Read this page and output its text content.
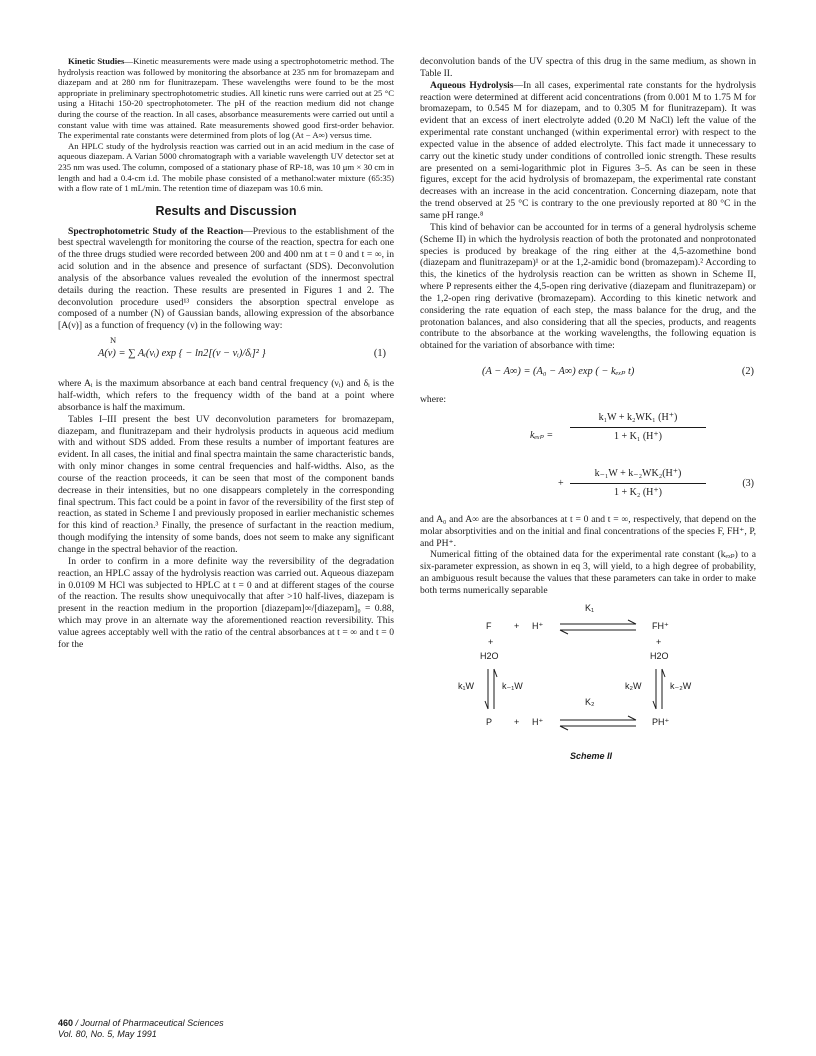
Kinetic Studies—Kinetic measurements were made using a spectrophotometric method. The hydrolysis reaction was followed by monitoring the absorbance at 235 nm for bromazepam and diazepam and at 280 nm for flunitrazepam. These wavelengths were found to be the most appropriate in preliminary spectrophotometric studies. All kinetic runs were carried out at 25 °C using a Hitachi 150-20 spectrophotometer. The pH of the reaction medium did not change during the course of the reaction. In all cases, absorbance measurements were carried out until a constant value with time was attained. Rate measurements showed good first-order behavior. The experimental rate constants were determined from plots of log (At − A∞) versus time.

An HPLC study of the hydrolysis reaction was carried out in an acid medium in the case of aqueous diazepam. A Varian 5000 chromatograph with a variable wavelength UV detector set at 235 nm was used. The column, composed of a stationary phase of RP-18, was 10 μm × 30 cm in length and had a 0.4-cm i.d. The mobile phase consisted of a methanol:water mixture (65:35) with a flow rate of 1 mL/min. The retention time of diazepam was 10.6 min.

Results and Discussion

Spectrophotometric Study of the Reaction—Previous to the establishment of the best spectral wavelength for monitoring the course of the reaction, spectra for each one of the three drugs studied were recorded between 200 and 400 nm at t = 0 and t = ∞, in acid solution and in the absence and presence of surfactant (SDS). Deconvolution analysis of the absorbance values revealed the evolution of the innermost spectral details during the reaction. These results are presented in Figures 1 and 2. The deconvolution procedure used¹³ considers the absorption spectral envelope as composed of a number (N) of Gaussian bands, allowing expression of the absorbance [A(ν)] as a function of frequency (ν) in the following way:

N
A(ν) = ∑ Aᵢ(νᵢ) exp { − ln2[(ν − νᵢ)/δᵢ]² }	(1)

where Aᵢ is the maximum absorbance at each band central frequency (νᵢ) and δᵢ is the half-width, which refers to the frequency width of the band at a point where absorbance is half the maximum.

Tables I–III present the best UV deconvolution parameters for bromazepam, diazepam, and flunitrazepam and their hydrolysis products in aqueous acid medium with and without SDS added. From these results a number of important features are evident. In all cases, the initial and final spectra maintain the same characteristic bands, with only minor changes in some central frequencies and half-widths. Also, as the course of the reaction proceeds, it can be seen that most of the component bands decrease in their intensities, but no one disappears completely in the corresponding final spectrum. This fact could be a point in favor of the reversibility of the first step of reaction, as stated in Scheme I and previously proposed in earlier mechanistic schemes for this kind of reaction.³ Finally, the presence of surfactant in the reaction medium, though modifying the intensity of some bands, does not seem to make any significant change in the spectral behavior of the reaction.

In order to confirm in a more definite way the reversibility of the degradation reaction, an HPLC assay of the hydrolysis reaction was carried out. Aqueous diazepam in 0.0109 M HCl was subjected to HPLC at t = 0 and at different stages of the course of the reaction. The results show unequivocally that after >10 half-lives, diazepam is present in the reaction medium in the proportion [diazepam]∞/[diazepam]₀ = 0.88, which may prove in an alternate way the aforementioned reaction reversibility. This value agrees acceptably well with the ratio of the central absorbances at t = ∞ and t = 0 for the

deconvolution bands of the UV spectra of this drug in the same medium, as shown in Table II.

Aqueous Hydrolysis—In all cases, experimental rate constants for the hydrolysis reaction were determined at different acid concentrations (from 0.001 M to 1.75 M for bromazepam, to 0.545 M for diazepam, and to 0.305 M for flunitrazepam). It was evident that an excess of inert electrolyte added (0.20 M NaCl) left the value of the experimental rate constant unchanged (within experimental error) with respect to the expected value in the absence of added electrolyte. This fact made it unnecessary to carry out the kinetic study under conditions of controlled ionic strength. These results are presented on a semi-logarithmic plot in Figures 3–5. As can be seen in these figures, except for the acid hydrolysis of bromazepam, the experimental rate constant decreases with an increase in the acid concentration. Concerning diazepam, note that the trend observed at 25 °C is contrary to the one previously reported at 80 °C in the same pH range.⁸

This kind of behavior can be accounted for in terms of a general hydrolysis scheme (Scheme II) in which the hydrolysis reaction of both the protonated and nonprotonated species is produced by breakage of the ring either at the 4,5-azomethine bond (diazepam and flunitrazepam)¹ or at the 1,2-amidic bond (bromazepam).² According to this, the kinetics of the hydrolysis reaction can be written as shown in Scheme II, where P represents either the 4,5-open ring derivative (diazepam and flunitrazepam) or the 1,2-open ring derivative (bromazepam). According to this kinetic network and considering the rate equation of each step, the mass balance for the drug, and the protonation balances, and also considering that all the species, products, and reagents contribute to the absorbance at the working wavelengths, the following equation is obtained for the variation of absorbance with time:

(A − A∞) = (A₀ − A∞) exp ( − kₑₓₚ t)	(2)

where:

kₑₓₚ =
k₁W + k₂WK₁ (H⁺)
1 + K₁ (H⁺)
+
k₋₁W + k₋₂WK₂(H⁺)
1 + K₂ (H⁺)
(3)

and A₀ and A∞ are the absorbances at t = 0 and t = ∞, respectively, that depend on the molar absorptivities and on the initial and final concentrations of the species F, FH⁺, P, and PH⁺.

Numerical fitting of the obtained data for the experimental rate constant (kₑₓₚ) to a six-parameter expression, as shown in eq 3, will yield, to a high degree of probability, an ambiguous result because the values that these parameters can take in order to make both terms numerically separable

K₁
F	+ H⁺	FH⁺
+	+
H2O	H2O
k₁W	k₋₁W	k₂W	k₋₂W
K₂
P + H⁺	PH⁺
Scheme II
460 / Journal of Pharmaceutical Sciences
Vol. 80, No. 5, May 1991
